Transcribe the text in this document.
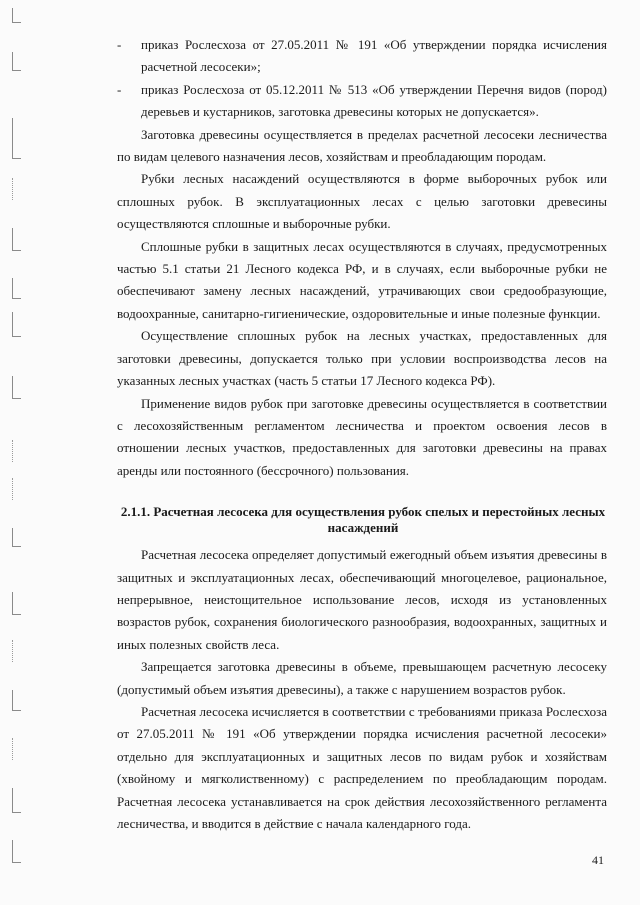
- приказ Рослесхоза от 27.05.2011 № 191 «Об утверждении порядка исчисления расчетной лесосеки»;
- приказ Рослесхоза от 05.12.2011 № 513 «Об утверждении Перечня видов (пород) деревьев и кустарников, заготовка древесины которых не допускается».

Заготовка древесины осуществляется в пределах расчетной лесосеки лесничества по видам целевого назначения лесов, хозяйствам и преобладающим породам.

Рубки лесных насаждений осуществляются в форме выборочных рубок или сплошных рубок. В эксплуатационных лесах с целью заготовки древесины осуществляются сплошные и выборочные рубки.

Сплошные рубки в защитных лесах осуществляются в случаях, предусмотренных частью 5.1 статьи 21 Лесного кодекса РФ, и в случаях, если выборочные рубки не обеспечивают замену лесных насаждений, утрачивающих свои средообразующие, водоохранные, санитарно-гигиенические, оздоровительные и иные полезные функции.

Осуществление сплошных рубок на лесных участках, предоставленных для заготовки древесины, допускается только при условии воспроизводства лесов на указанных лесных участках (часть 5 статьи 17 Лесного кодекса РФ).

Применение видов рубок при заготовке древесины осуществляется в соответствии с лесохозяйственным регламентом лесничества и проектом освоения лесов в отношении лесных участков, предоставленных для заготовки древесины на правах аренды или постоянного (бессрочного) пользования.

2.1.1. Расчетная лесосека для осуществления рубок спелых и перестойных лесных насаждений

Расчетная лесосека определяет допустимый ежегодный объем изъятия древесины в защитных и эксплуатационных лесах, обеспечивающий многоцелевое, рациональное, непрерывное, неистощительное использование лесов, исходя из установленных возрастов рубок, сохранения биологического разнообразия, водоохранных, защитных и иных полезных свойств леса.

Запрещается заготовка древесины в объеме, превышающем расчетную лесосеку (допустимый объем изъятия древесины), а также с нарушением возрастов рубок.

Расчетная лесосека исчисляется в соответствии с требованиями приказа Рослесхоза от 27.05.2011 № 191 «Об утверждении порядка исчисления расчетной лесосеки» отдельно для эксплуатационных и защитных лесов по видам рубок и хозяйствам (хвойному и мягколиственному) с распределением по преобладающим породам. Расчетная лесосека устанавливается на срок действия лесохозяйственного регламента лесничества, и вводится в действие с начала календарного года.

41
